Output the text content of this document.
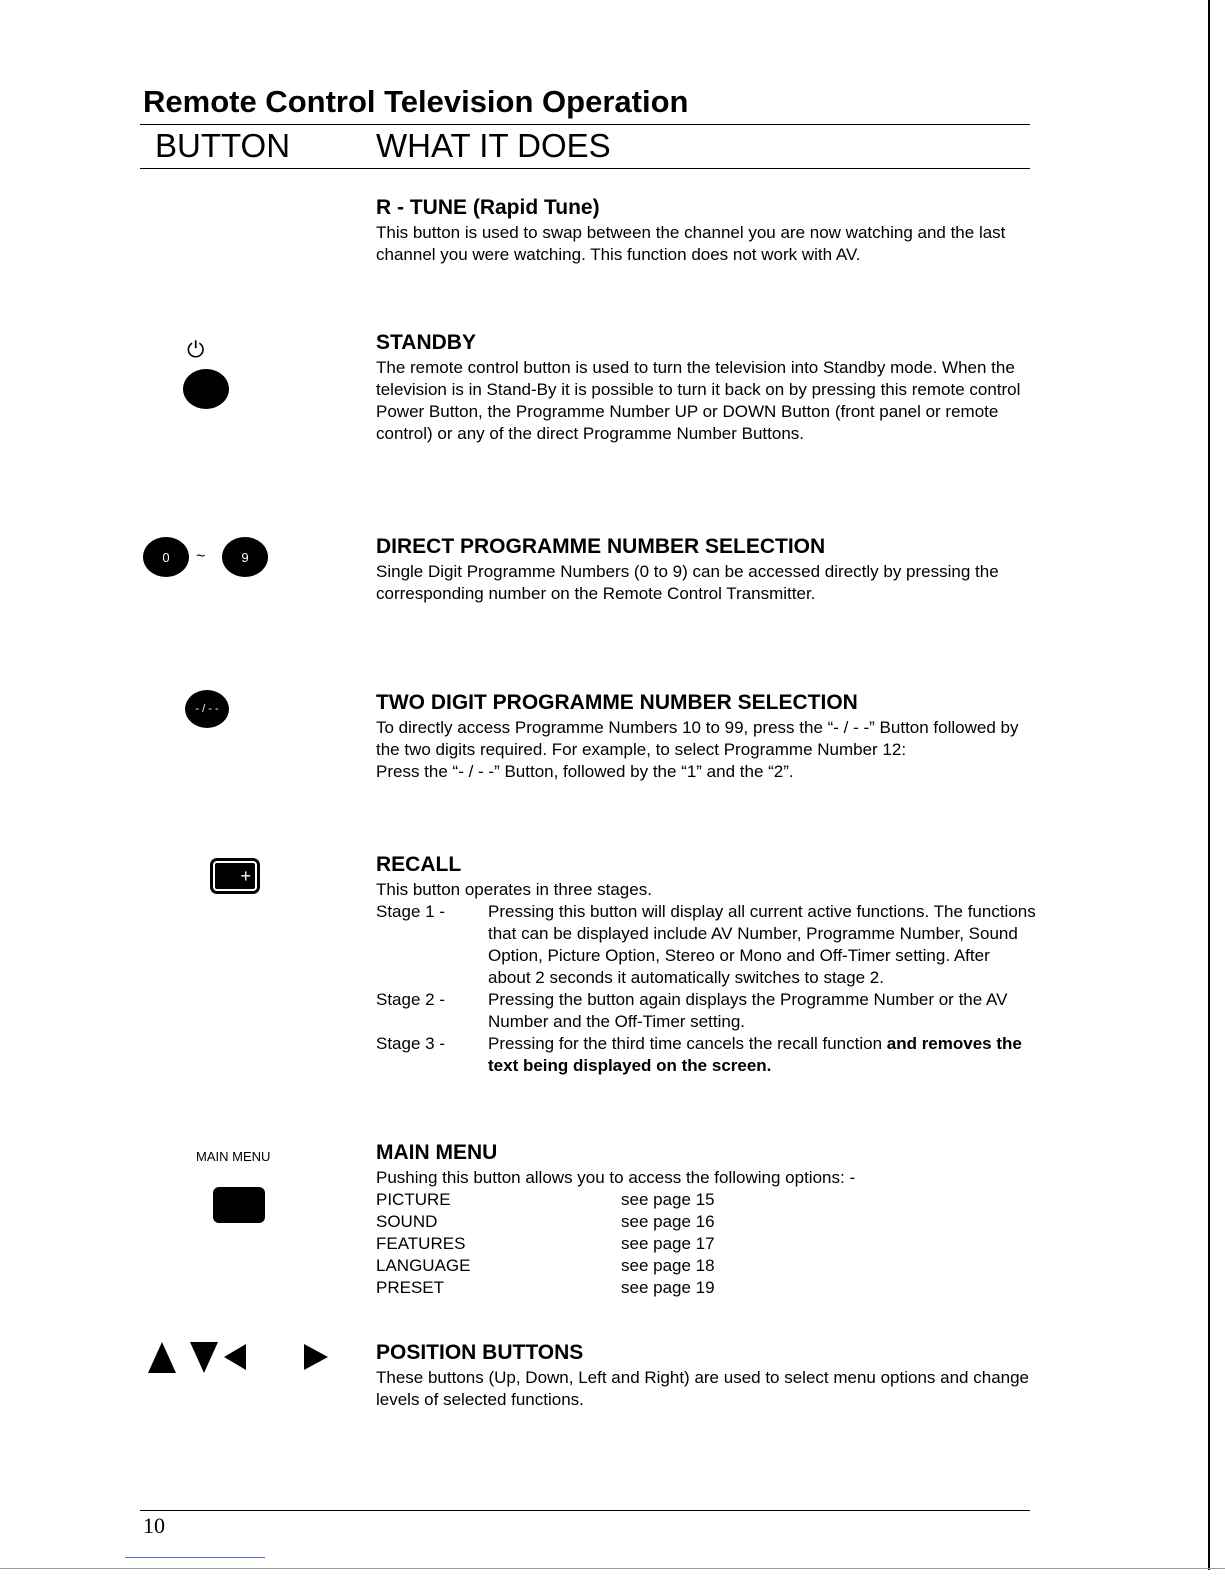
Remote Control Television Operation
BUTTON	WHAT IT DOES
R - TUNE (Rapid Tune)

This button is used to swap between the channel you are now watching and the last channel you were watching. This function does not work with AV.

⏻	STANDBY

The remote control button is used to turn the television into Standby mode. When the television is in Stand-By it is possible to turn it back on by pressing this remote control Power Button, the Programme Number UP or DOWN Button (front panel or remote control) or any of the direct Programme Number Buttons.

0	~	9	DIRECT PROGRAMME NUMBER SELECTION

Single Digit Programme Numbers (0 to 9) can be accessed directly by pressing the corresponding number on the Remote Control Transmitter.

- / - -	TWO DIGIT PROGRAMME NUMBER SELECTION

To directly access Programme Numbers 10 to 99, press the “- / - -” Button followed by the two digits required. For example, to select Programme Number 12:

Press the “- / - -” Button, followed by the “1” and the “2”.

+	RECALL

This button operates in three stages.

Stage 1 -	Pressing this button will display all current active functions. The functions that can be displayed include AV Number, Programme Number, Sound Option, Picture Option, Stereo or Mono and Off-Timer setting. After about 2 seconds it automatically switches to stage 2.
Stage 2 -	Pressing the button again displays the Programme Number or the AV Number and the Off-Timer setting.
Stage 3 -	Pressing for the third time cancels the recall function and removes the text being displayed on the screen.
MAIN MENU	MAIN MENU

Pushing this button allows you to access the following options: -

PICTURE	see page 15
SOUND	see page 16
FEATURES	see page 17
LANGUAGE	see page 18
PRESET	see page 19
POSITION BUTTONS

These buttons (Up, Down, Left and Right) are used to select menu options and change levels of selected functions.

10
